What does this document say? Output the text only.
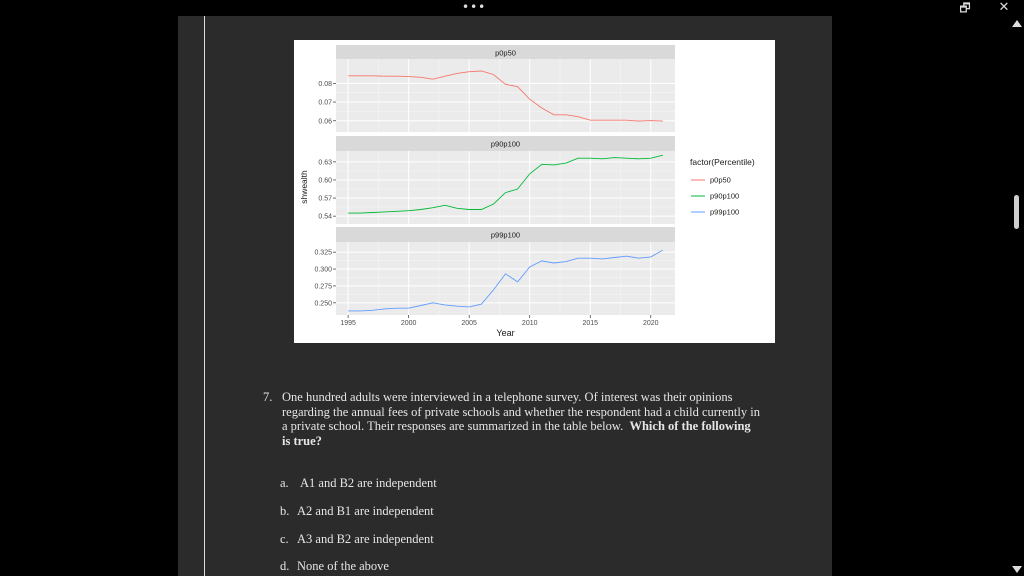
•••	🗗	✕
p0p50
0.06
0.07
0.08
p90p100
0.54
0.57
0.60
0.63
p99p100
0.250
0.275
0.300
0.325
1995	2000	2005	2010	2015	2020
Year
shwealth
factor(Percentile)
p0p50
p90p100
p99p100
7. One hundred adults were interviewed in a telephone survey. Of interest was their opinions regarding the annual fees of private schools and whether the respondent had a child currently in a private school. Their responses are summarized in the table below. Which of the following is true?
a. A1 and B2 are independent
b. A2 and B1 are independent
c. A3 and B2 are independent
d. None of the above
